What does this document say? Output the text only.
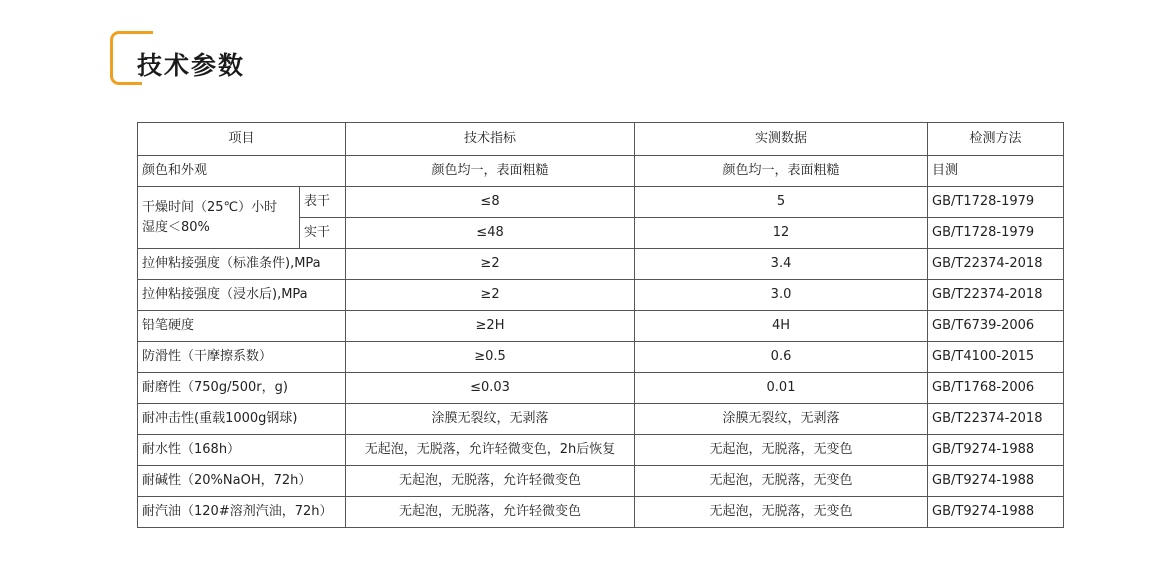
技术参数
项目		技术指标	实测数据	检测方法
颜色和外观		颜色均一，表面粗糙	颜色均一，表面粗糙	目测

干燥时间（25℃）小时
湿度＜80%	表干	≤8	5	GB/T1728-1979
	实干	≤48	12	GB/T1728-1979
拉伸粘接强度（标准条件),MPa		≥2	3.4	GB/T22374-2018
拉伸粘接强度（浸水后),MPa		≥2	3.0	GB/T22374-2018
铅笔硬度		≥2H	4H	GB/T6739-2006
防滑性（干摩擦系数）		≥0.5	0.6	GB/T4100-2015
耐磨性（750g/500r，g)		≤0.03	0.01	GB/T1768-2006
耐冲击性(重载1000g钢球)		涂膜无裂纹，无剥落	涂膜无裂纹，无剥落	GB/T22374-2018
耐水性（168h）		无起泡，无脱落，允许轻微变色，2h后恢复	无起泡，无脱落，无变色	GB/T9274-1988
耐碱性（20%NaOH，72h）		无起泡，无脱落，允许轻微变色	无起泡，无脱落，无变色	GB/T9274-1988
耐汽油（120#溶剂汽油，72h）		无起泡，无脱落，允许轻微变色	无起泡，无脱落，无变色	GB/T9274-1988
